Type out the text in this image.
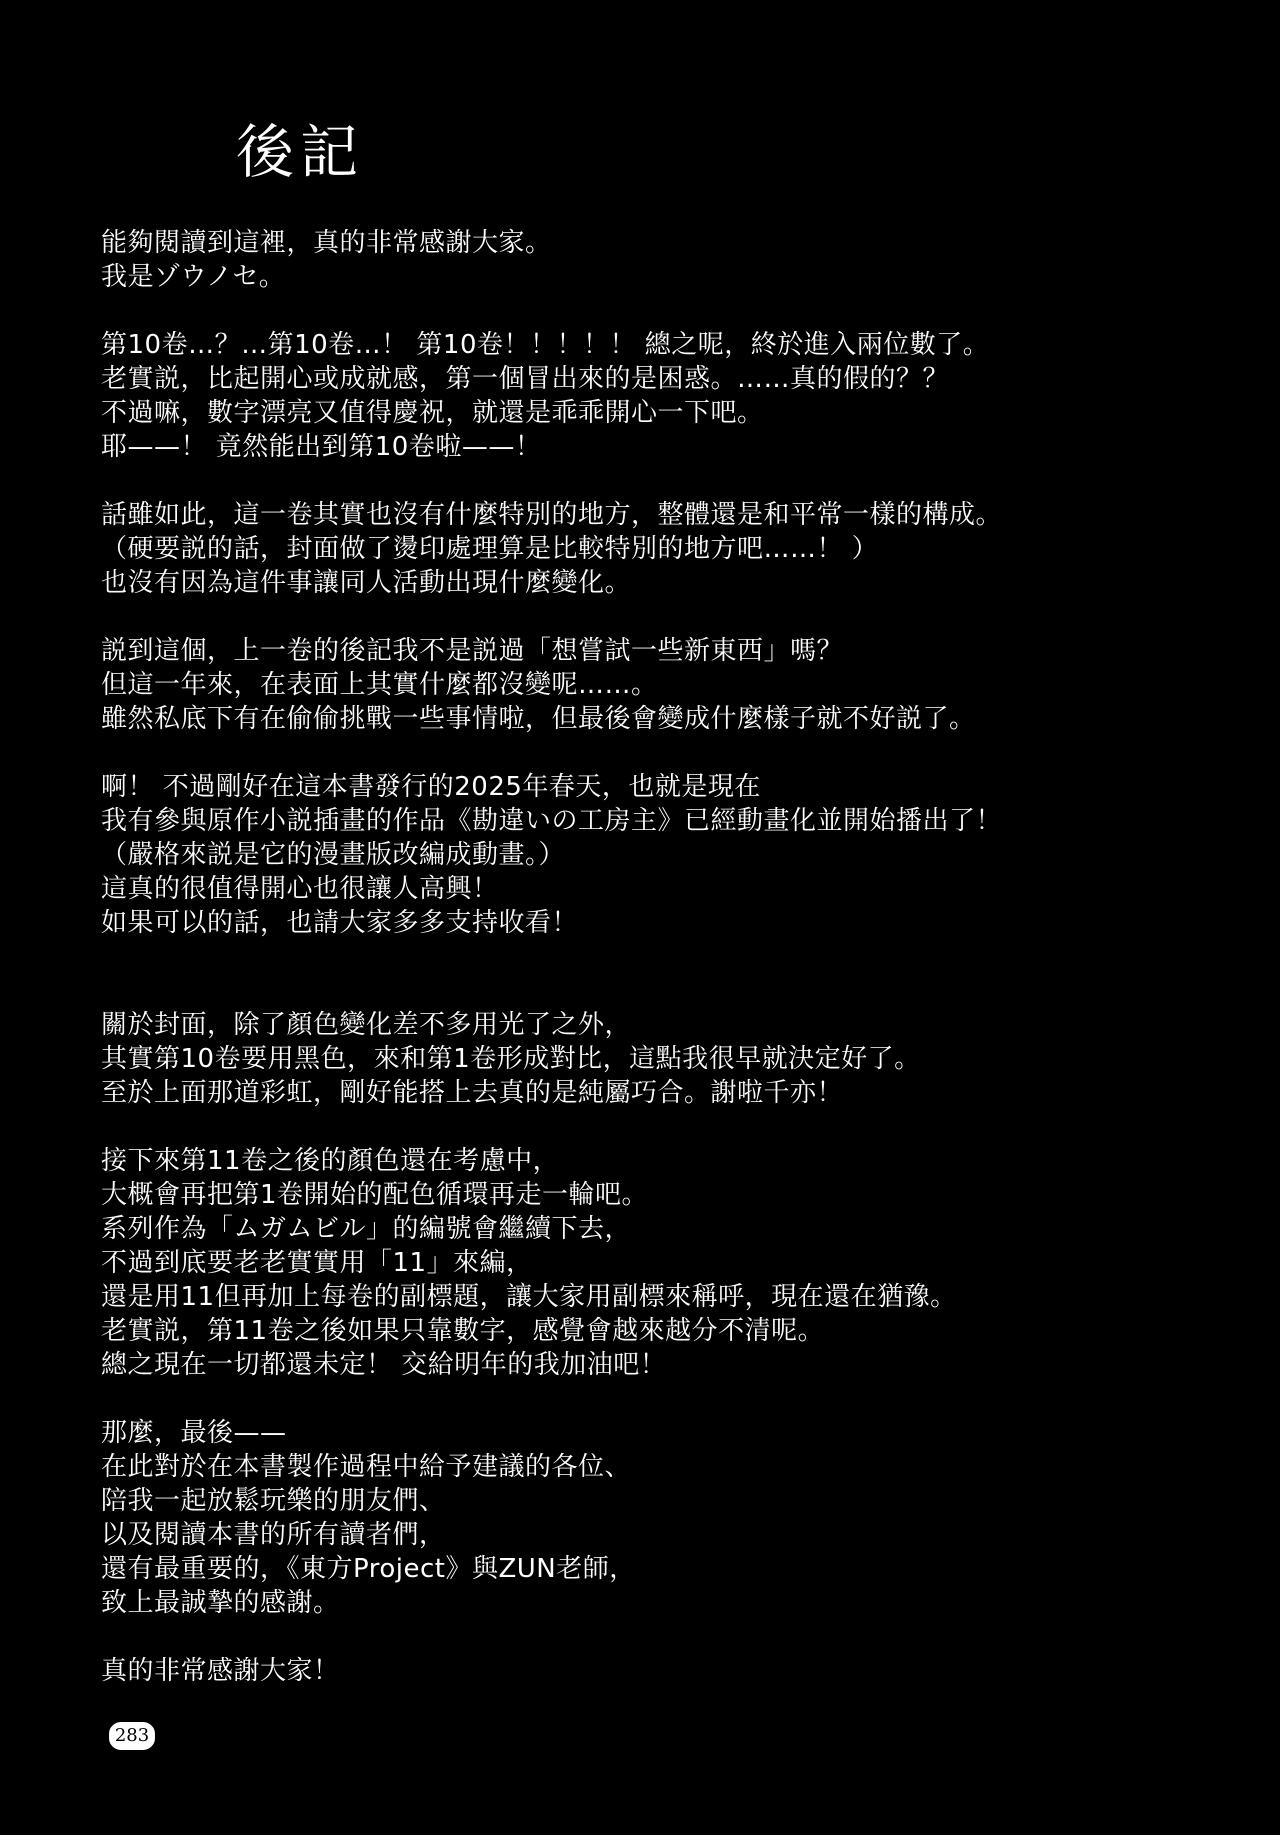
後記
能夠閱讀到這裡，真的非常感謝大家。
我是ゾウノセ。
第10卷…？…第10卷…！ 第10卷！！！！！ 總之呢，終於進入兩位數了。
老實説，比起開心或成就感，第一個冒出來的是困惑。……真的假的？？
不過嘛，數字漂亮又值得慶祝，就還是乖乖開心一下吧。
耶——！ 竟然能出到第10卷啦——！
話雖如此，這一卷其實也沒有什麼特別的地方，整體還是和平常一樣的構成。
（硬要説的話，封面做了燙印處理算是比較特別的地方吧……！ ）
也沒有因為這件事讓同人活動出現什麼變化。
説到這個，上一卷的後記我不是説過「想嘗試一些新東西」嗎？
但這一年來，在表面上其實什麼都沒變呢……。
雖然私底下有在偷偷挑戰一些事情啦，但最後會變成什麼樣子就不好説了。
啊！ 不過剛好在這本書發行的2025年春天，也就是現在
我有參與原作小説插畫的作品《勘違いの工房主》已經動畫化並開始播出了！
（嚴格來説是它的漫畫版改編成動畫。）
這真的很值得開心也很讓人高興！
如果可以的話，也請大家多多支持收看！
關於封面，除了顏色變化差不多用光了之外，
其實第10卷要用黑色，來和第1卷形成對比，這點我很早就決定好了。
至於上面那道彩虹，剛好能搭上去真的是純屬巧合。謝啦千亦！
接下來第11卷之後的顏色還在考慮中，
大概會再把第1卷開始的配色循環再走一輪吧。
系列作為「ムガムビル」的編號會繼續下去，
不過到底要老老實實用「11」來編，
還是用11但再加上每卷的副標題，讓大家用副標來稱呼，現在還在猶豫。
老實説，第11卷之後如果只靠數字，感覺會越來越分不清呢。
總之現在一切都還未定！ 交給明年的我加油吧！
那麼，最後——
在此對於在本書製作過程中給予建議的各位、
陪我一起放鬆玩樂的朋友們、
以及閱讀本書的所有讀者們，
還有最重要的，《東方Project》與ZUN老師，
致上最誠摯的感謝。
真的非常感謝大家！
283
